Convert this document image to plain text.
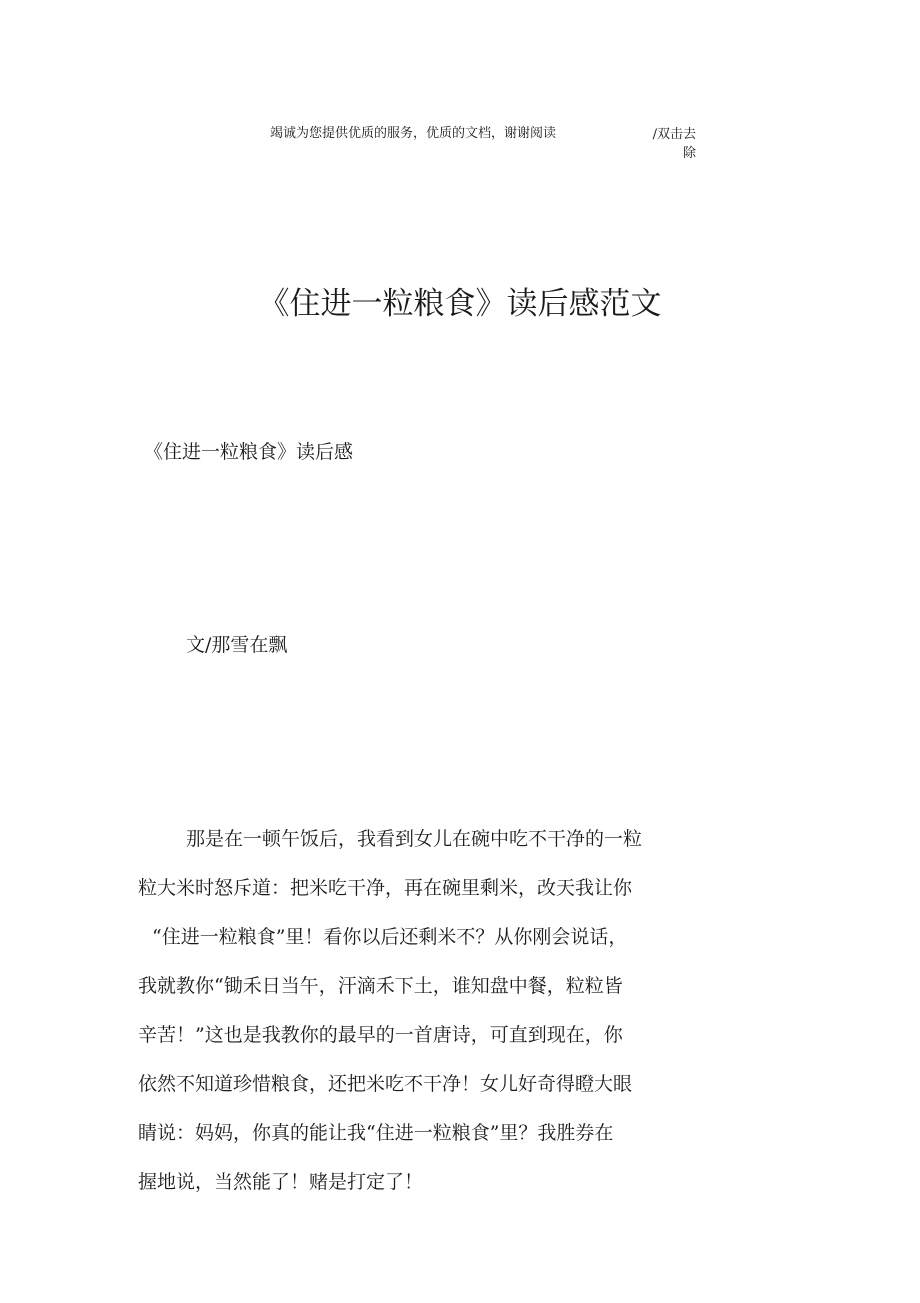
竭诚为您提供优质的服务，优质的文档，谢谢阅读	/双击去除
《住进一粒粮食》读后感范文
《住进一粒粮食》读后感
文/那雪在飘
那是在一顿午饭后，我看到女儿在碗中吃不干净的一粒
粒大米时怒斥道：把米吃干净，再在碗里剩米，改天我让你
“住进一粒粮食”里！看你以后还剩米不？从你刚会说话，
我就教你“锄禾日当午，汗滴禾下土，谁知盘中餐，粒粒皆
辛苦！”这也是我教你的最早的一首唐诗，可直到现在，你
依然不知道珍惜粮食，还把米吃不干净！女儿好奇得瞪大眼
睛说：妈妈，你真的能让我“住进一粒粮食”里？我胜券在
握地说，当然能了！赌是打定了！
